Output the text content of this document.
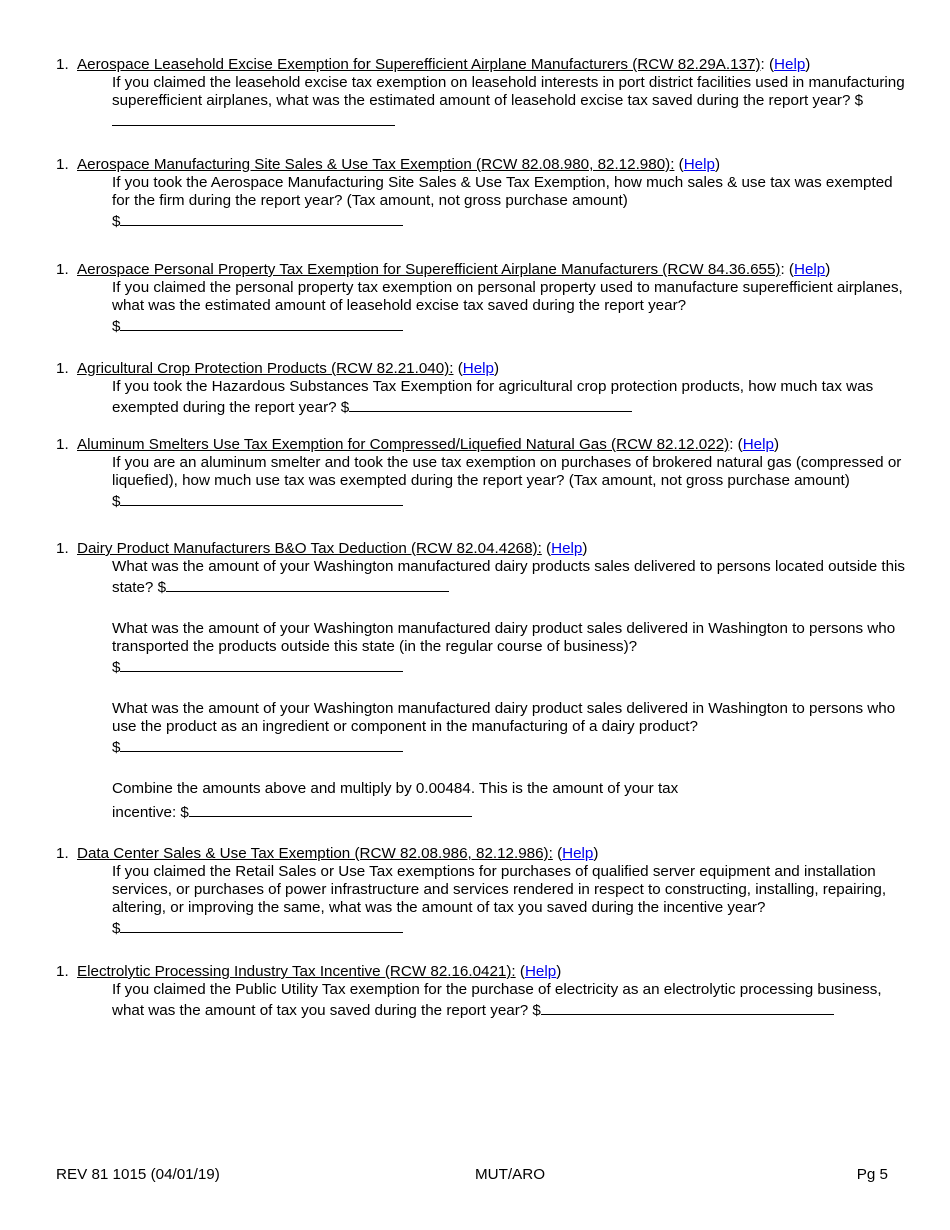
1. Aerospace Leasehold Excise Exemption for Superefficient Airplane Manufacturers (RCW 82.29A.137): (Help)

If you claimed the leasehold excise tax exemption on leasehold interests in port district facilities used in manufacturing superefficient airplanes, what was the estimated amount of leasehold excise tax saved during the report year? $

1. Aerospace Manufacturing Site Sales & Use Tax Exemption (RCW 82.08.980, 82.12.980): (Help)

If you took the Aerospace Manufacturing Site Sales & Use Tax Exemption, how much sales & use tax was exempted for the firm during the report year? (Tax amount, not gross purchase amount)

$

1. Aerospace Personal Property Tax Exemption for Superefficient Airplane Manufacturers (RCW 84.36.655): (Help)

If you claimed the personal property tax exemption on personal property used to manufacture superefficient airplanes, what was the estimated amount of leasehold excise tax saved during the report year?

$

1. Agricultural Crop Protection Products (RCW 82.21.040): (Help)

If you took the Hazardous Substances Tax Exemption for agricultural crop protection products, how much tax was exempted during the report year? $

1. Aluminum Smelters Use Tax Exemption for Compressed/Liquefied Natural Gas (RCW 82.12.022): (Help)

If you are an aluminum smelter and took the use tax exemption on purchases of brokered natural gas (compressed or liquefied), how much use tax was exempted during the report year? (Tax amount, not gross purchase amount)

$

1. Dairy Product Manufacturers B&O Tax Deduction (RCW 82.04.4268): (Help)

What was the amount of your Washington manufactured dairy products sales delivered to persons located outside this state? $

What was the amount of your Washington manufactured dairy product sales delivered in Washington to persons who transported the products outside this state (in the regular course of business)?

$

What was the amount of your Washington manufactured dairy product sales delivered in Washington to persons who use the product as an ingredient or component in the manufacturing of a dairy product?

$

Combine the amounts above and multiply by 0.00484. This is the amount of your tax

incentive: $

1. Data Center Sales & Use Tax Exemption (RCW 82.08.986, 82.12.986): (Help)

If you claimed the Retail Sales or Use Tax exemptions for purchases of qualified server equipment and installation services, or purchases of power infrastructure and services rendered in respect to constructing, installing, repairing, altering, or improving the same, what was the amount of tax you saved during the incentive year?

$

1. Electrolytic Processing Industry Tax Incentive (RCW 82.16.0421): (Help)

If you claimed the Public Utility Tax exemption for the purchase of electricity as an electrolytic processing business, what was the amount of tax you saved during the report year? $

REV 81 1015 (04/01/19)	MUT/ARO	Pg 5
